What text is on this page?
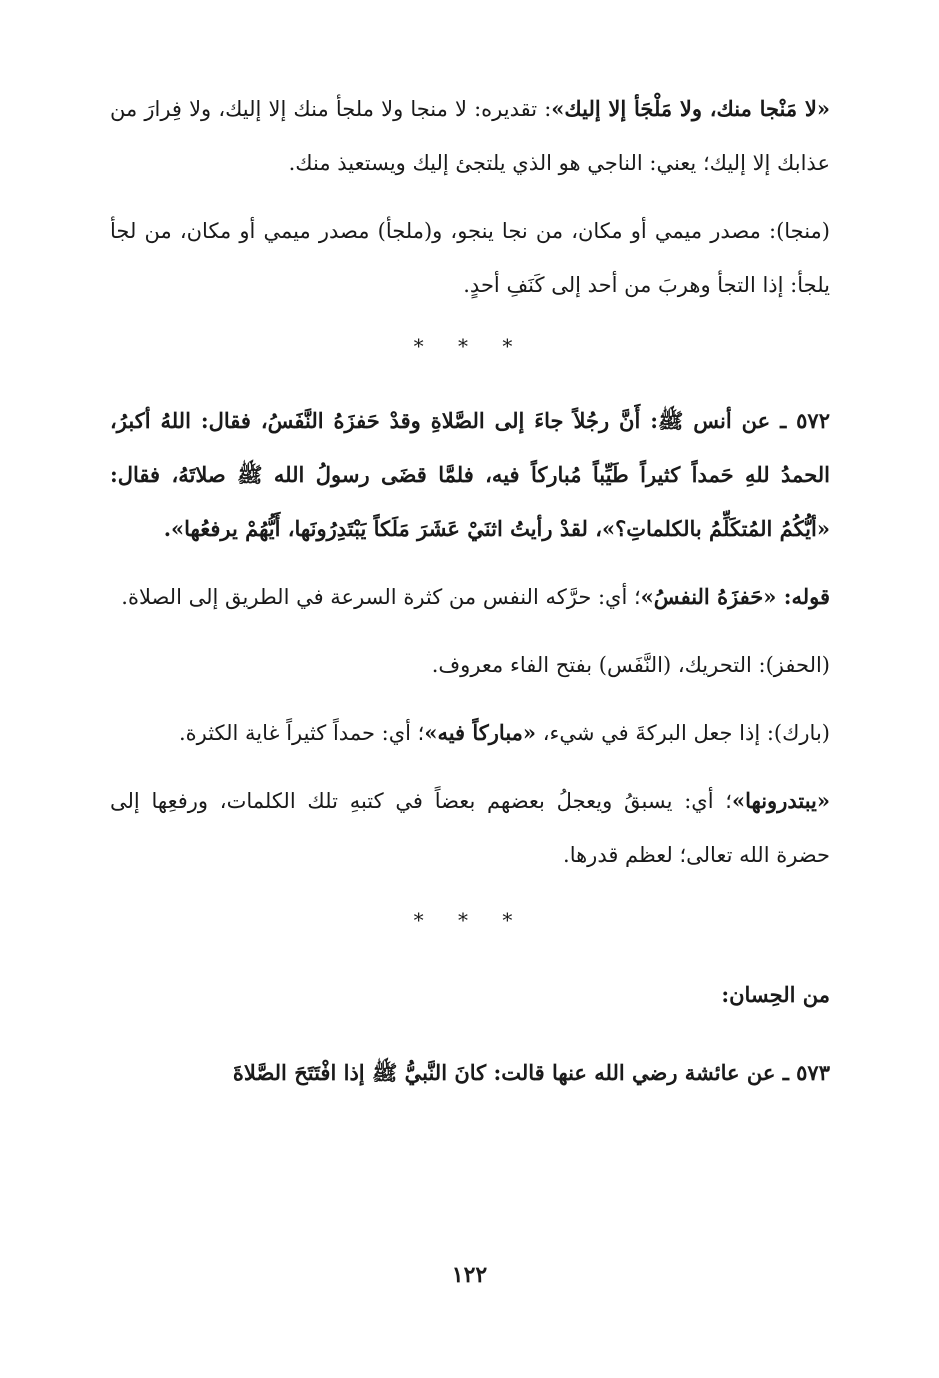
«لا مَنْجا منك، ولا مَلْجَأ إلا إليك»: تقديره: لا منجا ولا ملجأ منك إلا إليك، ولا فِرارَ من عذابك إلا إليك؛ يعني: الناجي هو الذي يلتجئ إليك ويستعيذ منك.

(منجا): مصدر ميمي أو مكان، من نجا ينجو، و(ملجأ) مصدر ميمي أو مكان، من لجأ يلجأ: إذا التجأ وهربَ من أحد إلى كَنَفِ أحدٍ.

* * *

٥٧٢ ـ عن أنس ﷺ: أَنَّ رجُلاً جاءَ إلى الصَّلاةِ وقدْ حَفزَهُ النَّفَسُ، فقال: اللهُ أكبرُ، الحمدُ للهِ حَمداً كثيراً طَيِّباً مُباركاً فيه، فلمَّا قضَى رسولُ الله ﷺ صلاتَهُ، فقال: «أيُّكُمُ المُتكَلِّمُ بالكلماتِ؟»، لقدْ رأيتُ اثنَيْ عَشَرَ مَلَكاً يَبْتَدِرُونَها، أَيُّهُمْ يرفعُها».

قوله: «حَفزَهُ النفسُ»؛ أي: حرَّكه النفس من كثرة السرعة في الطريق إلى الصلاة.

(الحفز): التحريك، (النَّفَس) بفتح الفاء معروف.

(بارك): إذا جعل البركةَ في شيء، «مباركاً فيه»؛ أي: حمداً كثيراً غاية الكثرة.

«يبتدرونها»؛ أي: يسبقُ ويعجلُ بعضهم بعضاً في كتبهِ تلك الكلمات، ورفعِها إلى حضرة الله تعالى؛ لعظم قدرها.

* * *

من الحِسان:

٥٧٣ ـ عن عائشة رضي الله عنها قالت: كانَ النَّبيُّ ﷺ إذا افْتَتَحَ الصَّلاةَ

١٢٢
